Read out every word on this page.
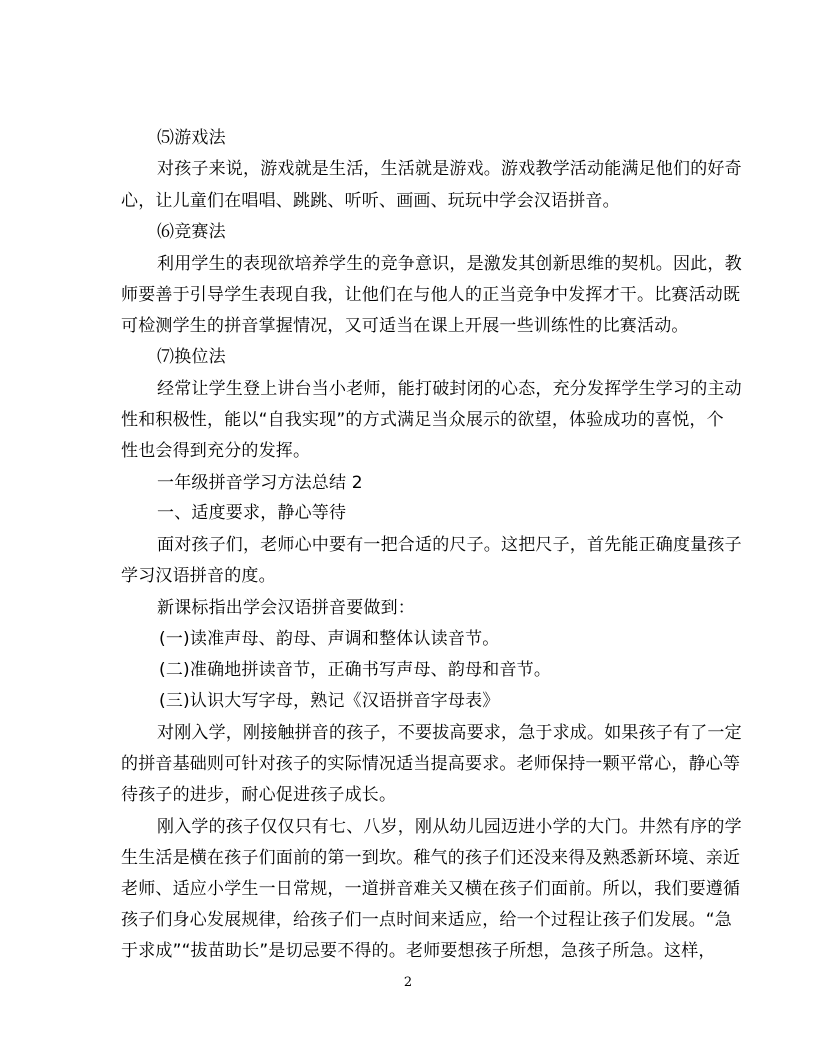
⑸游戏法
对孩子来说，游戏就是生活，生活就是游戏。游戏教学活动能满足他们的好奇
心，让儿童们在唱唱、跳跳、听听、画画、玩玩中学会汉语拼音。
⑹竞赛法
利用学生的表现欲培养学生的竞争意识，是激发其创新思维的契机。因此，教
师要善于引导学生表现自我，让他们在与他人的正当竞争中发挥才干。比赛活动既
可检测学生的拼音掌握情况，又可适当在课上开展一些训练性的比赛活动。
⑺换位法
经常让学生登上讲台当小老师，能打破封闭的心态，充分发挥学生学习的主动
性和积极性，能以“自我实现”的方式满足当众展示的欲望，体验成功的喜悦，个
性也会得到充分的发挥。
一年级拼音学习方法总结 2
一、适度要求，静心等待
面对孩子们，老师心中要有一把合适的尺子。这把尺子，首先能正确度量孩子
学习汉语拼音的度。
新课标指出学会汉语拼音要做到：
(一)读准声母、韵母、声调和整体认读音节。
(二)准确地拼读音节，正确书写声母、韵母和音节。
(三)认识大写字母，熟记《汉语拼音字母表》
对刚入学，刚接触拼音的孩子，不要拔高要求，急于求成。如果孩子有了一定
的拼音基础则可针对孩子的实际情况适当提高要求。老师保持一颗平常心，静心等
待孩子的进步，耐心促进孩子成长。
刚入学的孩子仅仅只有七、八岁，刚从幼儿园迈进小学的大门。井然有序的学
生生活是横在孩子们面前的第一到坎。稚气的孩子们还没来得及熟悉新环境、亲近
老师、适应小学生一日常规，一道拼音难关又横在孩子们面前。所以，我们要遵循
孩子们身心发展规律，给孩子们一点时间来适应，给一个过程让孩子们发展。“急
于求成”“拔苗助长”是切忌要不得的。老师要想孩子所想，急孩子所急。这样，
2
